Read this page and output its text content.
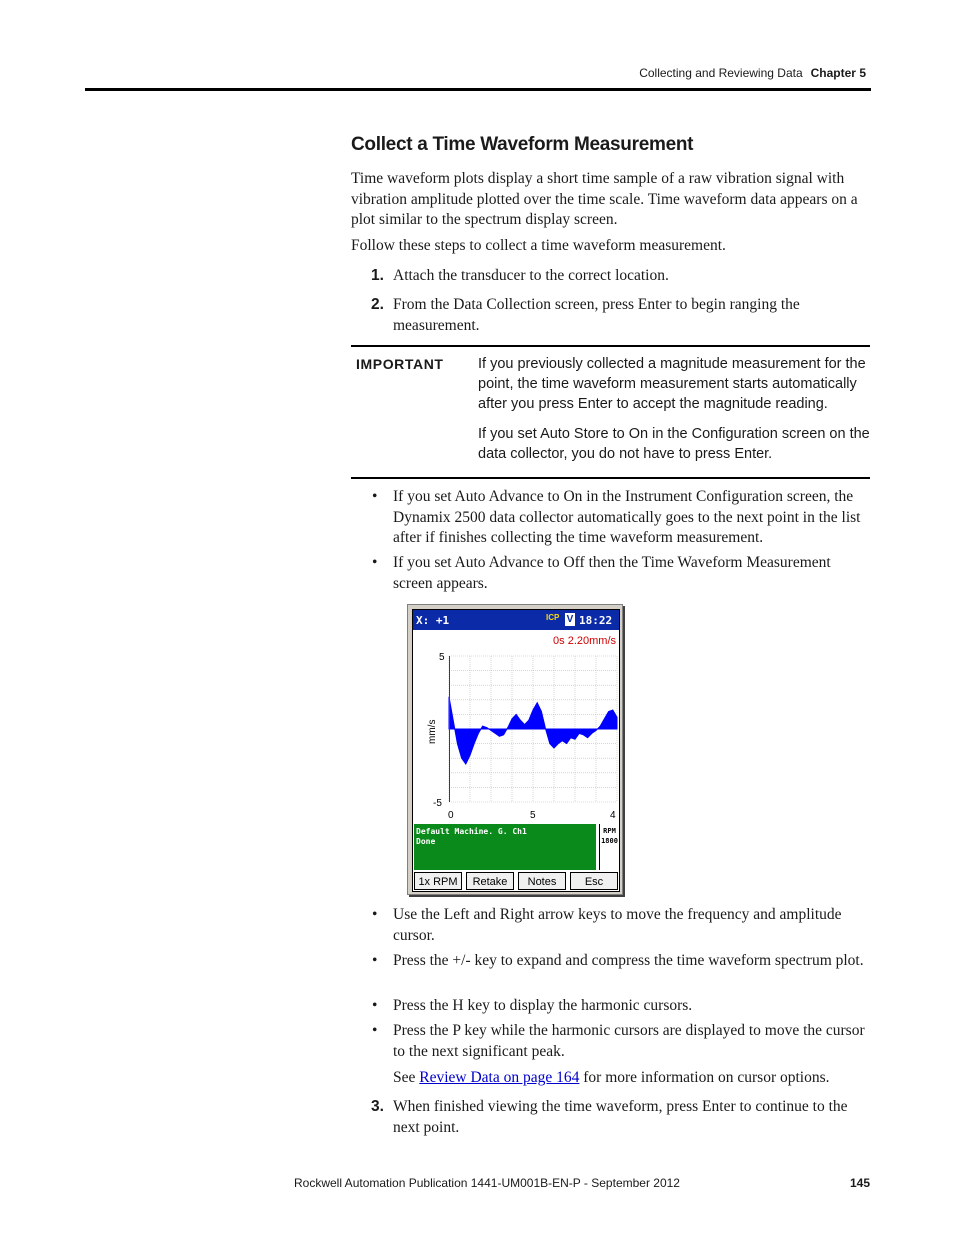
Collecting and Reviewing Data Chapter 5
Collect a Time Waveform Measurement

Time waveform plots display a short time sample of a raw vibration signal with vibration amplitude plotted over the time scale. Time waveform data appears on a plot similar to the spectrum display screen.

Follow these steps to collect a time waveform measurement.

1. Attach the transducer to the correct location.
2. From the Data Collection screen, press Enter to begin ranging the measurement.
IMPORTANT If you previously collected a magnitude measurement for the point, the time waveform measurement starts automatically after you press Enter to accept the magnitude reading.

If you set Auto Store to On in the Configuration screen on the data collector, you do not have to press Enter.

• If you set Auto Advance to On in the Instrument Configuration screen, the Dynamix 2500 data collector automatically goes to the next point in the list after if finishes collecting the time waveform measurement.
• If you set Auto Advance to Off then the Time Waveform Measurement screen appears.
X: +1	ICP V 18:22
0s 2.20mm/s
5
-5
mm/s
0	5	4
Default Machine. G. Ch1
Done
RPM
1800
1x RPM	Retake	Notes	Esc
• Use the Left and Right arrow keys to move the frequency and amplitude cursor.
• Press the +/- key to expand and compress the time waveform spectrum plot.
• Press the H key to display the harmonic cursors.
• Press the P key while the harmonic cursors are displayed to move the cursor to the next significant peak.
See Review Data on page 164 for more information on cursor options.
3. When finished viewing the time waveform, press Enter to continue to the next point.
Rockwell Automation Publication 1441-UM001B-EN-P - September 2012	145
